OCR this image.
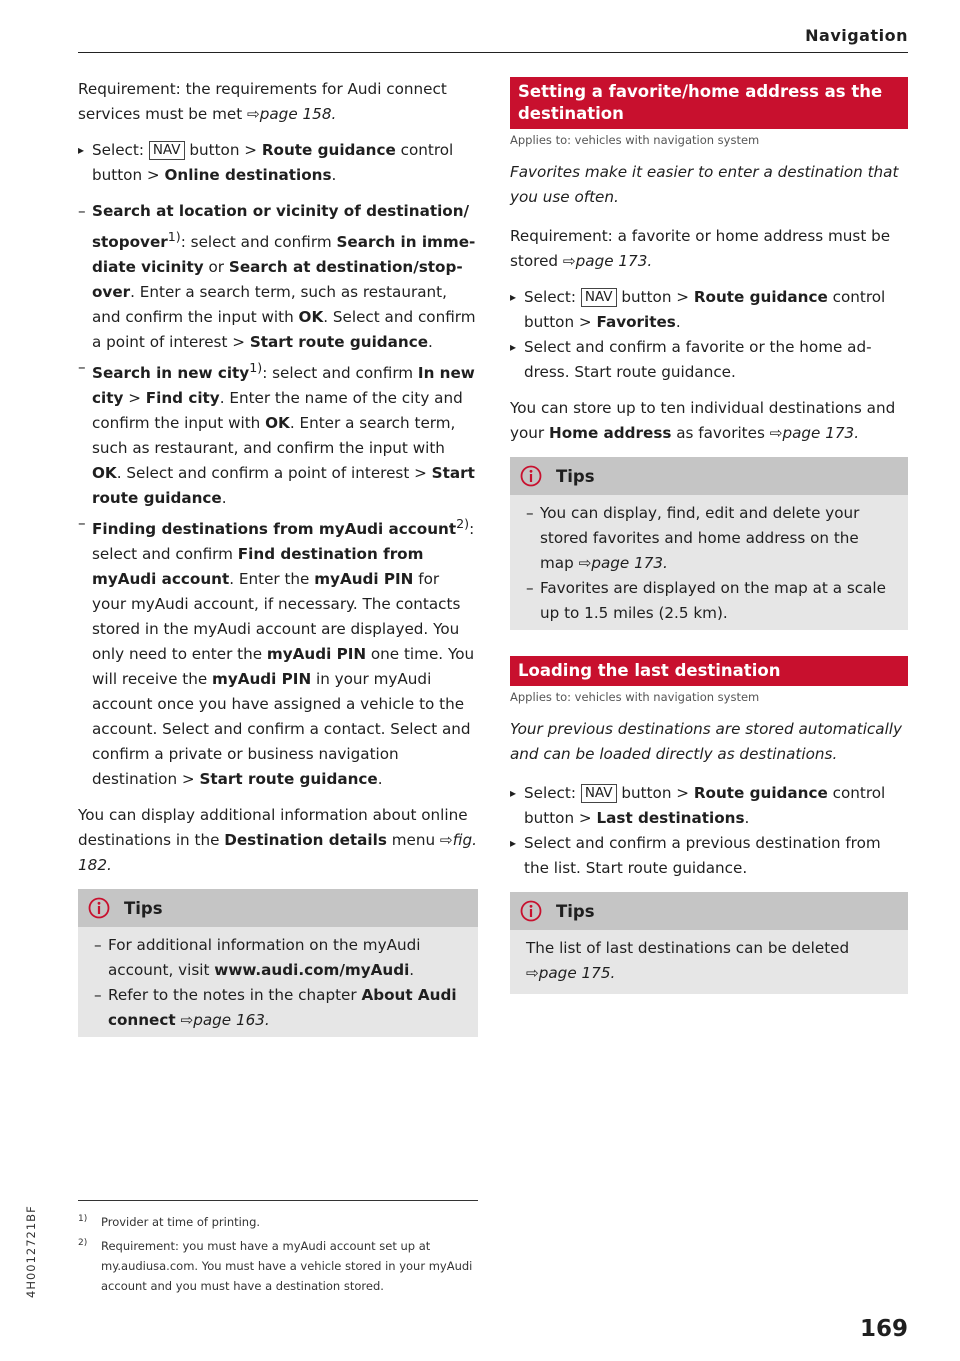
Navigation

Requirement: the requirements for Audi connect services must be met ⇨page 158.

▸ Select: NAV button > Route guidance control button > Online destinations.

– Search at location or vicinity of destination/ stopover$^{1)}$: select and confirm Search in immediate vicinity or Search at destination/stopover. Enter a search term, such as restaurant, and confirm the input with OK. Select and confirm a point of interest > Start route guidance.

– Search in new city$^{1)}$: select and confirm In new city > Find city. Enter the name of the city and confirm the input with OK. Enter a search term, such as restaurant, and confirm the input with OK. Select and confirm a point of interest > Start route guidance.

– Finding destinations from myAudi account$^{2)}$: select and confirm Find destination from myAudi account. Enter the myAudi PIN for your myAudi account, if necessary. The contacts stored in the myAudi account are displayed. You only need to enter the myAudi PIN one time. You will receive the myAudi PIN in your myAudi account once you have assigned a vehicle to the account. Select and confirm a contact. Select and confirm a private or business navigation destination > Start route guidance.

You can display additional information about online destinations in the Destination details menu ⇨fig. 182.

Tips

– For additional information on the myAudi account, visit www.audi.com/myAudi.

– Refer to the notes in the chapter About Audi connect ⇨page 163.

1) Provider at time of printing.

2) Requirement: you must have a myAudi account set up at my.audiusa.com. You must have a vehicle stored in your myAudi account and you must have a destination stored.

Setting a favorite/home address as the destination
Applies to: vehicles with navigation system

Favorites make it easier to enter a destination that you use often.

Requirement: a favorite or home address must be stored ⇨page 173.

▸ Select: NAV button > Route guidance control button > Favorites.

▸ Select and confirm a favorite or the home address. Start route guidance.

You can store up to ten individual destinations and your Home address as favorites ⇨page 173.

Tips

– You can display, find, edit and delete your stored favorites and home address on the map ⇨page 173.

– Favorites are displayed on the map at a scale up to 1.5 miles (2.5 km).

Loading the last destination
Applies to: vehicles with navigation system

Your previous destinations are stored automatically and can be loaded directly as destinations.

▸ Select: NAV button > Route guidance control button > Last destinations.

▸ Select and confirm a previous destination from the list. Start route guidance.

Tips

The list of last destinations can be deleted ⇨page 175.

4H0012721BF
169
